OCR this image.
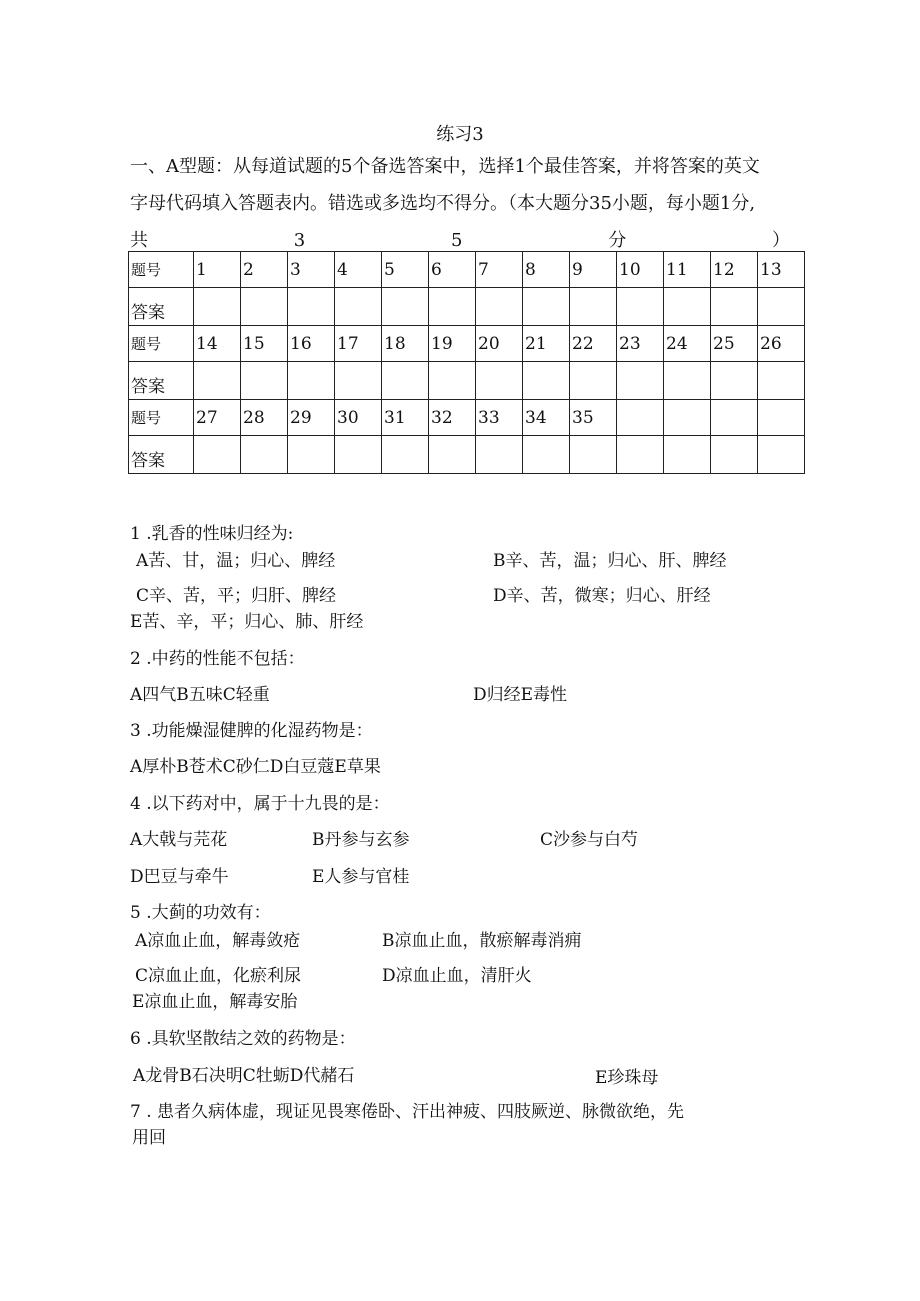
练习3
一、A型题：从每道试题的5个备选答案中，选择1个最佳答案，并将答案的英文
字母代码填入答题表内。错选或多选均不得分。（本大题分35小题，每小题1分,
共	3	5	分	）
题号	1	2	3	4	5	6	7	8	9	10	11	12	13
答案													
题号	14	15	16	17	18	19	20	21	22	23	24	25	26
答案													
题号	27	28	29	30	31	32	33	34	35				
答案													
1 .乳香的性味归经为:
A苦、甘，温；归心、脾经	B辛、苦，温；归心、肝、脾经
C辛、苦，平；归肝、脾经	D辛、苦，微寒；归心、肝经
E苦、辛，平；归心、肺、肝经
2 .中药的性能不包括：
A四气B五味C轻重	D归经E毒性
3 .功能燥湿健脾的化湿药物是：
A厚朴B苍术C砂仁D白豆蔻E草果
4 .以下药对中，属于十九畏的是：
A大戟与芫花	B丹参与玄参	C沙参与白芍
D巴豆与牵牛	E人参与官桂
5 .大蓟的功效有：
A凉血止血，解毒敛疮	B凉血止血，散瘀解毒消痈
C凉血止血，化瘀利尿	D凉血止血，清肝火
E凉血止血，解毒安胎
6 .具软坚散结之效的药物是：
A龙骨B石决明C牡蛎D代赭石	E珍珠母
7 . 患者久病体虚，现证见畏寒倦卧、汗出神疲、四肢厥逆、脉微欲绝，先
用回
